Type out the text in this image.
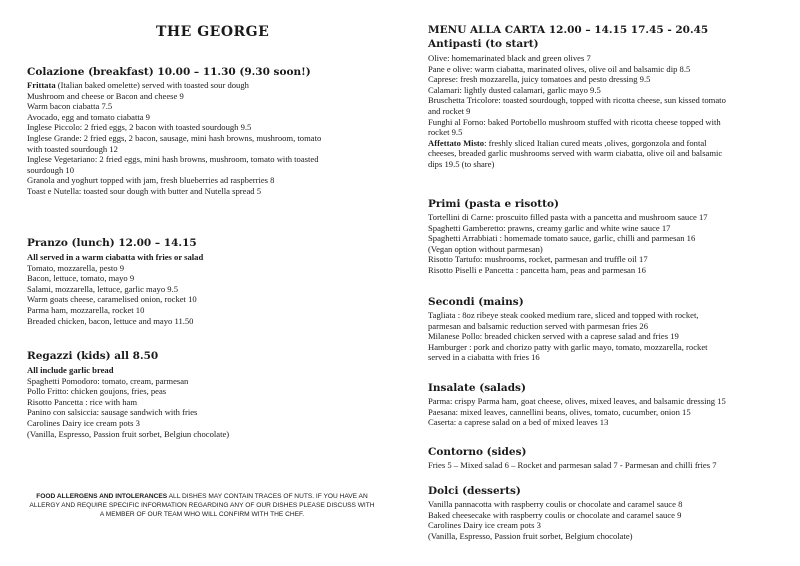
THE GEORGE
Colazione (breakfast) 10.00 – 11.30 (9.30 soon!)
Frittata (Italian baked omelette) served with toasted sour dough
Mushroom and cheese or Bacon and cheese 9
Warm bacon ciabatta 7.5
Avocado, egg and tomato ciabatta 9
Inglese Piccolo: 2 fried eggs, 2 bacon with toasted sourdough 9.5
Inglese Grande: 2 fried eggs, 2 bacon, sausage, mini hash browns, mushroom, tomato
with toasted sourdough 12
Inglese Vegetariano: 2 fried eggs, mini hash browns, mushroom, tomato with toasted
sourdough 10
Granola and yoghurt topped with jam, fresh blueberries ad raspberries 8
Toast e Nutella: toasted sour dough with butter and Nutella spread 5
Pranzo (lunch) 12.00 – 14.15
All served in a warm ciabatta with fries or salad
Tomato, mozzarella, pesto 9
Bacon, lettuce, tomato, mayo 9
Salami, mozzarella, lettuce, garlic mayo 9.5
Warm goats cheese, caramelised onion, rocket 10
Parma ham, mozzarella, rocket 10
Breaded chicken, bacon, lettuce and mayo 11.50
Regazzi (kids) all 8.50
All include garlic bread
Spaghetti Pomodoro: tomato, cream, parmesan
Pollo Fritto: chicken goujons, fries, peas
Risotto Pancetta : rice with ham
Panino con salsiccia: sausage sandwich with fries
Carolines Dairy ice cream pots 3
(Vanilla, Espresso, Passion fruit sorbet, Belgiun chocolate)

FOOD ALLERGENS AND INTOLERANCES ALL DISHES MAY CONTAIN TRACES OF NUTS. IF YOU HAVE AN ALLERGY AND REQUIRE SPECIFIC INFORMATION REGARDING ANY OF OUR DISHES PLEASE DISCUSS WITH A MEMBER OF OUR TEAM WHO WILL CONFIRM WITH THE CHEF.

MENU ALLA CARTA 12.00 – 14.15 17.45 - 20.45
Antipasti (to start)
Olive: homemarinated black and green olives 7
Pane e olive: warm ciabatta, marinated olives, olive oil and balsamic dip 8.5
Caprese: fresh mozzarella, juicy tomatoes and pesto dressing 9.5
Calamari: lightly dusted calamari, garlic mayo 9.5
Bruschetta Tricolore: toasted sourdough, topped with ricotta cheese, sun kissed tomato
and rocket 9
Funghi al Forno: baked Portobello mushroom stuffed with ricotta cheese topped with
rocket 9.5
Affettato Misto: freshly sliced Italian cured meats ,olives, gorgonzola and fontal
cheeses, breaded garlic mushrooms served with warm ciabatta, olive oil and balsamic
dips 19.5 (to share)
Primi (pasta e risotto)
Tortellini di Carne: proscuito filled pasta with a pancetta and mushroom sauce 17
Spaghetti Gamberetto: prawns, creamy garlic and white wine sauce 17
Spaghetti Arrabbiati : homemade tomato sauce, garlic, chilli and parmesan 16
(Vegan option without parmesan)
Risotto Tartufo: mushrooms, rocket, parmesan and truffle oil 17
Risotto Piselli e Pancetta : pancetta ham, peas and parmesan 16
Secondi (mains)
Tagliata : 8oz ribeye steak cooked medium rare, sliced and topped with rocket,
parmesan and balsamic reduction served with parmesan fries 26
Milanese Pollo: breaded chicken served with a caprese salad and fries 19
Hamburger : pork and chorizo patty with garlic mayo, tomato, mozzarella, rocket
served in a ciabatta with fries 16
Insalate (salads)
Parma: crispy Parma ham, goat cheese, olives, mixed leaves, and balsamic dressing 15
Paesana: mixed leaves, cannellini beans, olives, tomato, cucumber, onion 15
Caserta: a caprese salad on a bed of mixed leaves 13
Contorno (sides)
Fries 5 – Mixed salad 6 – Rocket and parmesan salad 7 - Parmesan and chilli fries 7
Dolci (desserts)
Vanilla pannacotta with raspberry coulis or chocolate and caramel sauce 8
Baked cheesecake with raspberry coulis or chocolate and caramel sauce 9
Carolines Dairy ice cream pots 3
(Vanilla, Espresso, Passion fruit sorbet, Belgium chocolate)
